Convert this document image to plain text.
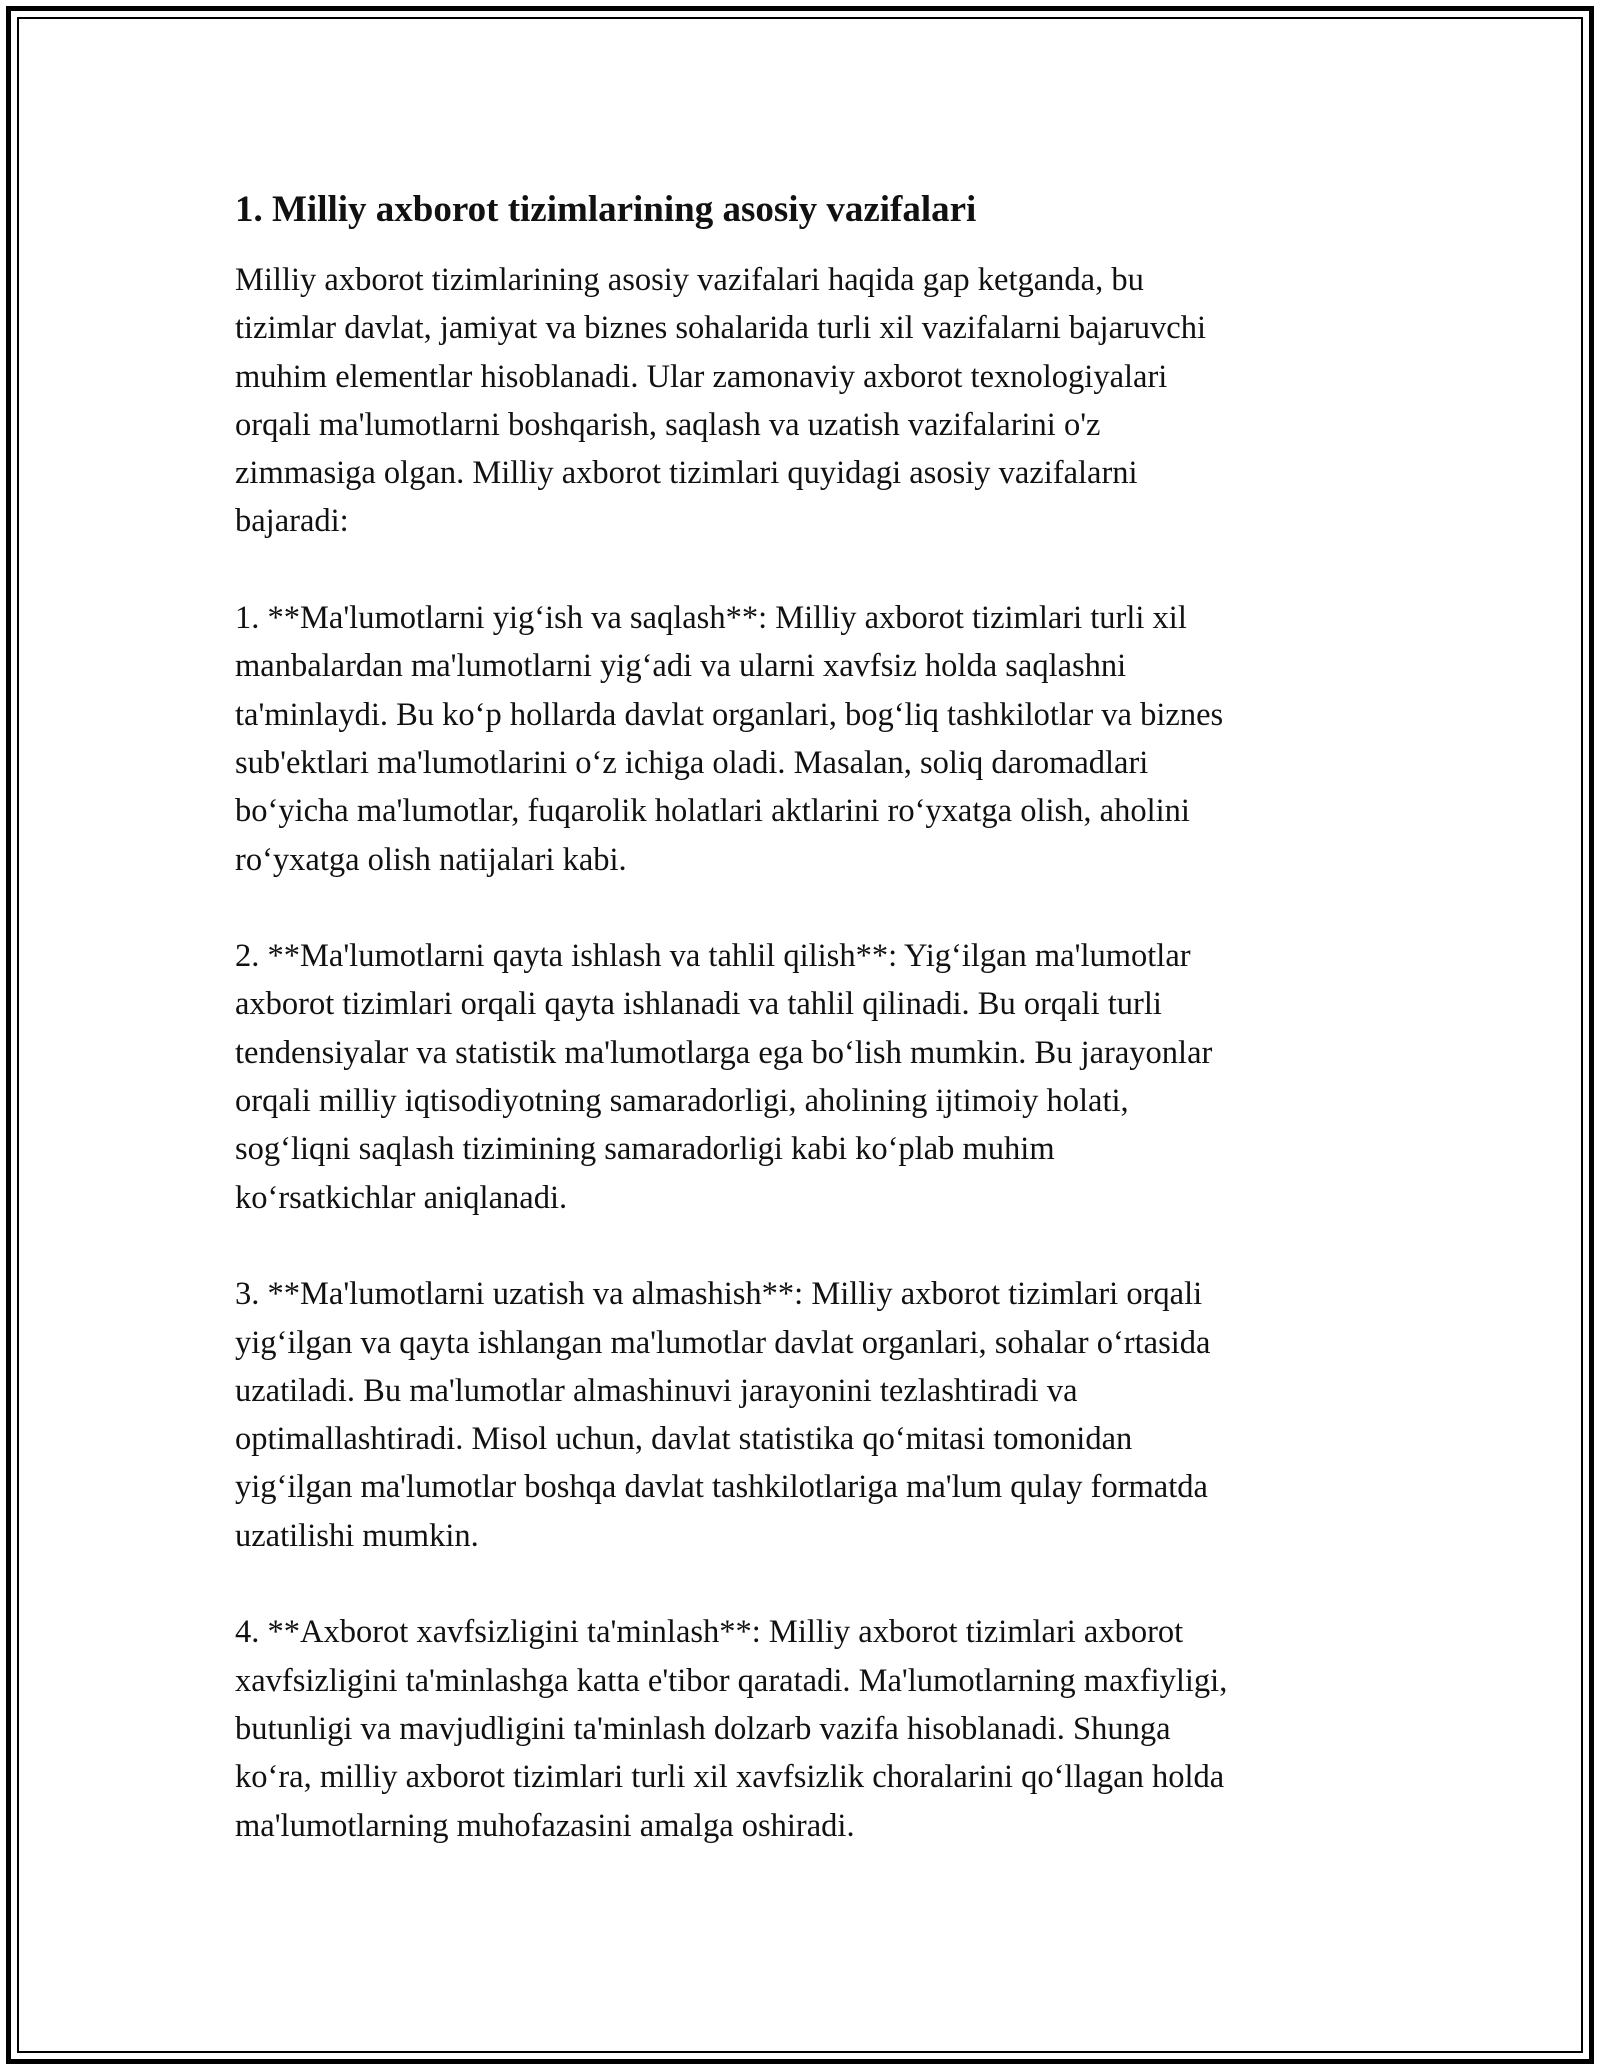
1. Milliy axborot tizimlarining asosiy vazifalari

Milliy axborot tizimlarining asosiy vazifalari haqida gap ketganda, bu
tizimlar davlat, jamiyat va biznes sohalarida turli xil vazifalarni bajaruvchi
muhim elementlar hisoblanadi. Ular zamonaviy axborot texnologiyalari
orqali ma'lumotlarni boshqarish, saqlash va uzatish vazifalarini o'z
zimmasiga olgan. Milliy axborot tizimlari quyidagi asosiy vazifalarni
bajaradi:

1. **Ma'lumotlarni yig‘ish va saqlash**: Milliy axborot tizimlari turli xil
manbalardan ma'lumotlarni yig‘adi va ularni xavfsiz holda saqlashni
ta'minlaydi. Bu ko‘p hollarda davlat organlari, bog‘liq tashkilotlar va biznes
sub'ektlari ma'lumotlarini o‘z ichiga oladi. Masalan, soliq daromadlari
bo‘yicha ma'lumotlar, fuqarolik holatlari aktlarini ro‘yxatga olish, aholini
ro‘yxatga olish natijalari kabi.

2. **Ma'lumotlarni qayta ishlash va tahlil qilish**: Yig‘ilgan ma'lumotlar
axborot tizimlari orqali qayta ishlanadi va tahlil qilinadi. Bu orqali turli
tendensiyalar va statistik ma'lumotlarga ega bo‘lish mumkin. Bu jarayonlar
orqali milliy iqtisodiyotning samaradorligi, aholining ijtimoiy holati,
sog‘liqni saqlash tizimining samaradorligi kabi ko‘plab muhim
ko‘rsatkichlar aniqlanadi.

3. **Ma'lumotlarni uzatish va almashish**: Milliy axborot tizimlari orqali
yig‘ilgan va qayta ishlangan ma'lumotlar davlat organlari, sohalar o‘rtasida
uzatiladi. Bu ma'lumotlar almashinuvi jarayonini tezlashtiradi va
optimallashtiradi. Misol uchun, davlat statistika qo‘mitasi tomonidan
yig‘ilgan ma'lumotlar boshqa davlat tashkilotlariga ma'lum qulay formatda
uzatilishi mumkin.

4. **Axborot xavfsizligini ta'minlash**: Milliy axborot tizimlari axborot
xavfsizligini ta'minlashga katta e'tibor qaratadi. Ma'lumotlarning maxfiyligi,
butunligi va mavjudligini ta'minlash dolzarb vazifa hisoblanadi. Shunga
ko‘ra, milliy axborot tizimlari turli xil xavfsizlik choralarini qo‘llagan holda
ma'lumotlarning muhofazasini amalga oshiradi.
